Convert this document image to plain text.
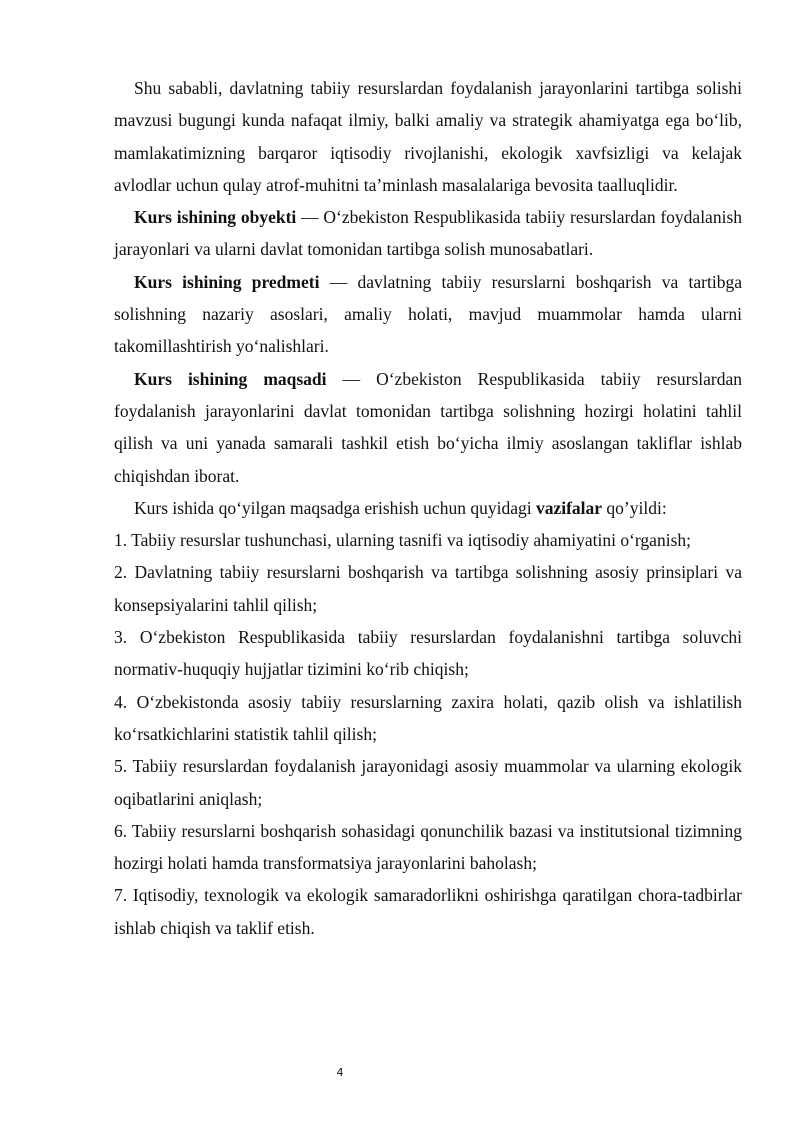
Shu sababli, davlatning tabiiy resurslardan foydalanish jarayonlarini tartibga solishi mavzusi bugungi kunda nafaqat ilmiy, balki amaliy va strategik ahamiyatga ega bo‘lib, mamlakatimizning barqaror iqtisodiy rivojlanishi, ekologik xavfsizligi va kelajak avlodlar uchun qulay atrof-muhitni ta’minlash masalalariga bevosita taalluqlidir.

Kurs ishining obyekti — O‘zbekiston Respublikasida tabiiy resurslardan foydalanish jarayonlari va ularni davlat tomonidan tartibga solish munosabatlari.

Kurs ishining predmeti — davlatning tabiiy resurslarni boshqarish va tartibga solishning nazariy asoslari, amaliy holati, mavjud muammolar hamda ularni takomillashtirish yo‘nalishlari.

Kurs ishining maqsadi — O‘zbekiston Respublikasida tabiiy resurslardan foydalanish jarayonlarini davlat tomonidan tartibga solishning hozirgi holatini tahlil qilish va uni yanada samarali tashkil etish bo‘yicha ilmiy asoslangan takliflar ishlab chiqishdan iborat.

Kurs ishida qo‘yilgan maqsadga erishish uchun quyidagi vazifalar qo’yildi:

1. Tabiiy resurslar tushunchasi, ularning tasnifi va iqtisodiy ahamiyatini o‘rganish;

2. Davlatning tabiiy resurslarni boshqarish va tartibga solishning asosiy prinsiplari va konsepsiyalarini tahlil qilish;

3. O‘zbekiston Respublikasida tabiiy resurslardan foydalanishni tartibga soluvchi normativ-huquqiy hujjatlar tizimini ko‘rib chiqish;

4. O‘zbekistonda asosiy tabiiy resurslarning zaxira holati, qazib olish va ishlatilish ko‘rsatkichlarini statistik tahlil qilish;

5. Tabiiy resurslardan foydalanish jarayonidagi asosiy muammolar va ularning ekologik oqibatlarini aniqlash;

6. Tabiiy resurslarni boshqarish sohasidagi qonunchilik bazasi va institutsional tizimning hozirgi holati hamda transformatsiya jarayonlarini baholash;

7. Iqtisodiy, texnologik va ekologik samaradorlikni oshirishga qaratilgan chora-tadbirlar ishlab chiqish va taklif etish.

4
